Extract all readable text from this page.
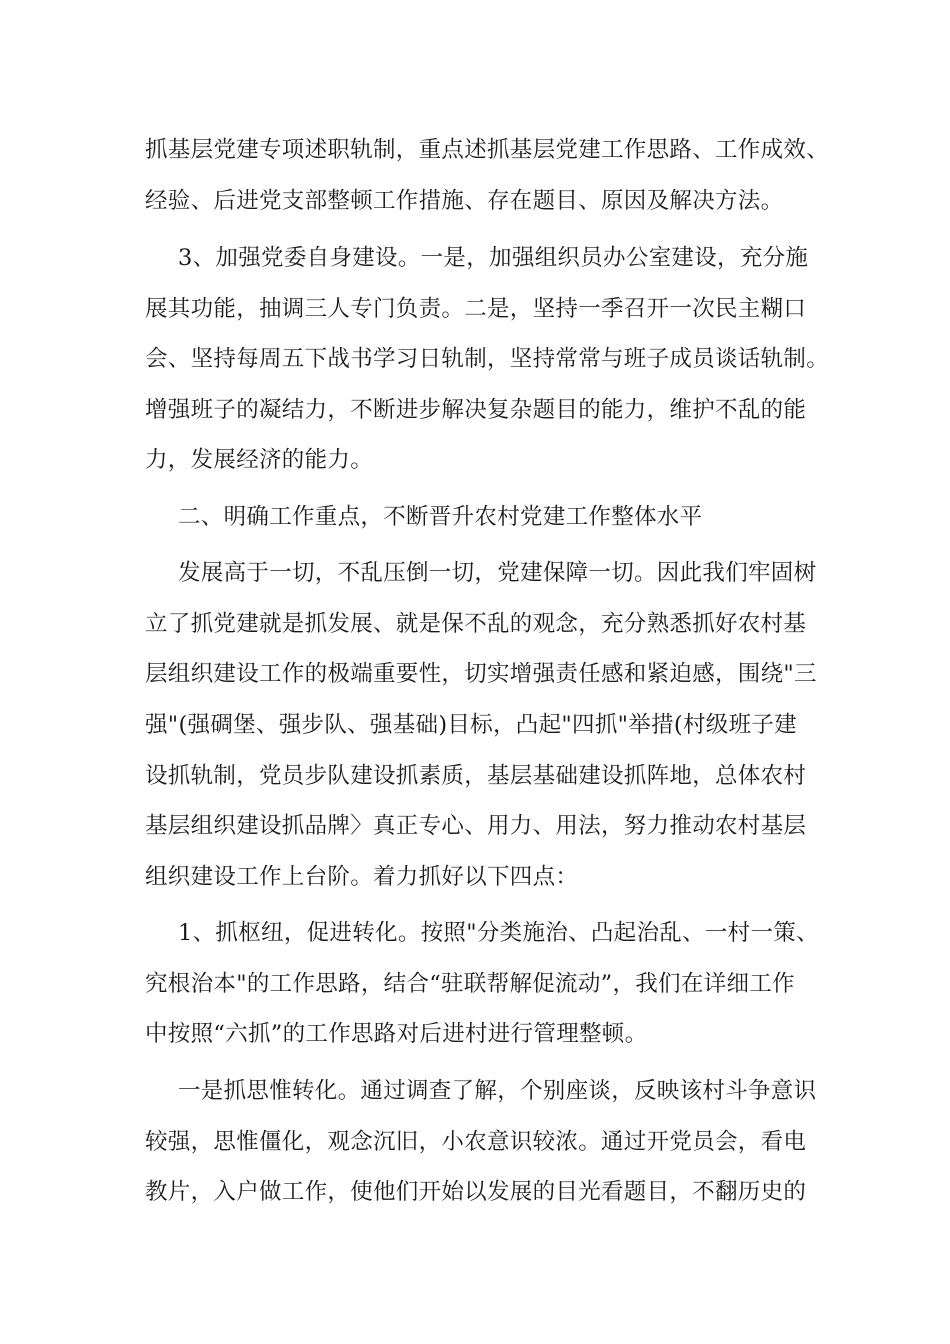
抓基层党建专项述职轨制，重点述抓基层党建工作思路、工作成效、

经验、后进党支部整顿工作措施、存在题目、原因及解决方法。

3、加强党委自身建设。一是，加强组织员办公室建设，充分施

展其功能，抽调三人专门负责。二是，坚持一季召开一次民主糊口

会、坚持每周五下战书学习日轨制，坚持常常与班子成员谈话轨制。

增强班子的凝结力，不断进步解决复杂题目的能力，维护不乱的能

力，发展经济的能力。

二、明确工作重点，不断晋升农村党建工作整体水平

发展高于一切，不乱压倒一切，党建保障一切。因此我们牢固树

立了抓党建就是抓发展、就是保不乱的观念，充分熟悉抓好农村基

层组织建设工作的极端重要性，切实增强责任感和紧迫感，围绕"三

强"(强碉堡、强步队、强基础)目标，凸起"四抓"举措(村级班子建

设抓轨制，党员步队建设抓素质，基层基础建设抓阵地，总体农村

基层组织建设抓品牌〉真正专心、用力、用法，努力推动农村基层

组织建设工作上台阶。着力抓好以下四点：

1、抓枢纽，促进转化。按照"分类施治、凸起治乱、一村一策、

究根治本"的工作思路，结合“驻联帮解促流动”，我们在详细工作

中按照“六抓”的工作思路对后进村进行管理整顿。

一是抓思惟转化。通过调查了解，个别座谈，反映该村斗争意识

较强，思惟僵化，观念沉旧，小农意识较浓。通过开党员会，看电

教片，入户做工作，使他们开始以发展的目光看题目，不翻历史的
